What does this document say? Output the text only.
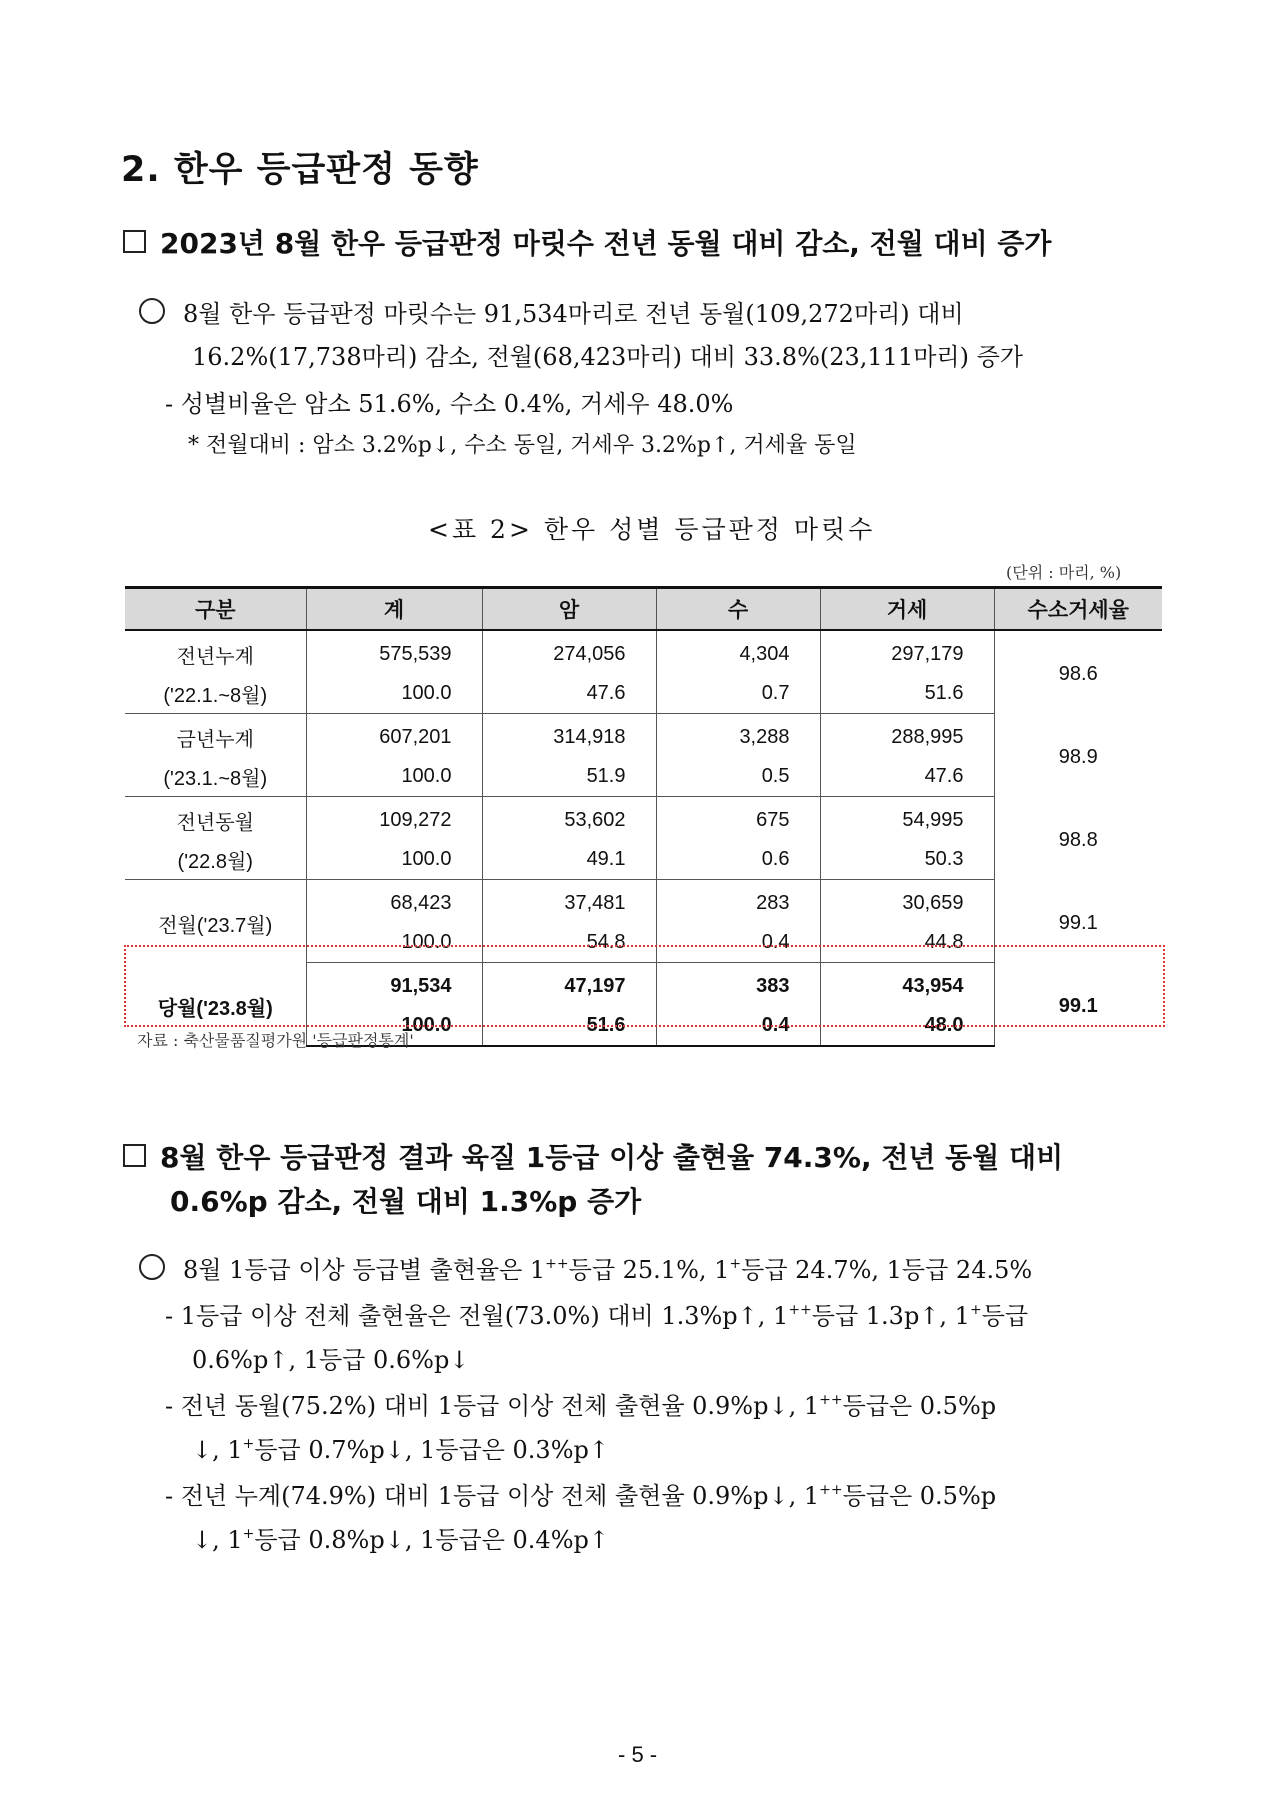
2. 한우 등급판정 동향
2023년 8월 한우 등급판정 마릿수 전년 동월 대비 감소, 전월 대비 증가
8월 한우 등급판정 마릿수는 91,534마리로 전년 동월(109,272마리) 대비
16.2%(17,738마리) 감소, 전월(68,423마리) 대비 33.8%(23,111마리) 증가
- 성별비율은 암소 51.6%, 수소 0.4%, 거세우 48.0%
* 전월대비 : 암소 3.2%p↓, 수소 동일, 거세우 3.2%p↑, 거세율 동일
<표 2> 한우 성별 등급판정 마릿수
(단위 : 마리, %)
구분	계	암	수	거세	수소거세율
전년누계	575,539	274,056	4,304	297,179	98.6
('22.1.~8월)	100.0	47.6	0.7	51.6	
금년누계	607,201	314,918	3,288	288,995	98.9
('23.1.~8월)	100.0	51.9	0.5	47.6	
전년동월	109,272	53,602	675	54,995	98.8
('22.8월)	100.0	49.1	0.6	50.3	
전월('23.7월)	68,423	37,481	283	30,659	99.1
	100.0	54.8	0.4	44.8	
당월('23.8월)	91,534	47,197	383	43,954	99.1
	100.0	51.6	0.4	48.0	
자료 : 축산물품질평가원 '등급판정통계'
8월 한우 등급판정 결과 육질 1등급 이상 출현율 74.3%, 전년 동월 대비
0.6%p 감소, 전월 대비 1.3%p 증가
8월 1등급 이상 등급별 출현율은 1++등급 25.1%, 1+등급 24.7%, 1등급 24.5%
- 1등급 이상 전체 출현율은 전월(73.0%) 대비 1.3%p↑, 1++등급 1.3p↑, 1+등급
0.6%p↑, 1등급 0.6%p↓
- 전년 동월(75.2%) 대비 1등급 이상 전체 출현율 0.9%p↓, 1++등급은 0.5%p
↓, 1+등급 0.7%p↓, 1등급은 0.3%p↑
- 전년 누계(74.9%) 대비 1등급 이상 전체 출현율 0.9%p↓, 1++등급은 0.5%p
↓, 1+등급 0.8%p↓, 1등급은 0.4%p↑
- 5 -
